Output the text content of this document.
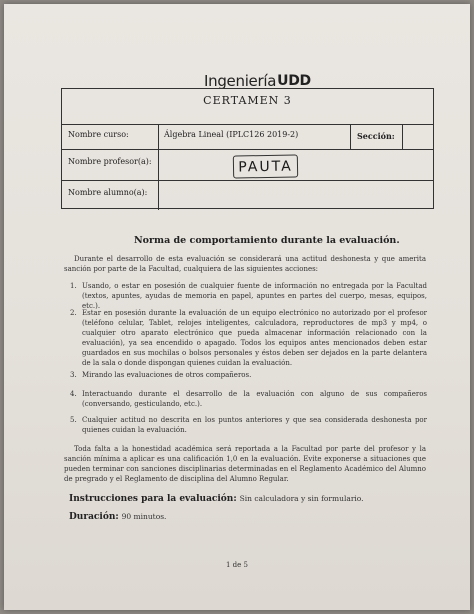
Ingeniería UDD
CERTAMEN 3
Nombre curso:	Álgebra Lineal (IPLC126 2019-2)	Sección:
Nombre profesor(a):	PAUTA
Nombre alumno(a):
Norma de comportamiento durante la evaluación.
Durante el desarrollo de esta evaluación se considerará una actitud deshonesta y que amerita sanción por parte de la Facultad, cualquiera de las siguientes acciones:
1. Usando, o estar en posesión de cualquier fuente de información no entregada por la Facultad (textos, apuntes, ayudas de memoria en papel, apuntes en partes del cuerpo, mesas, equipos, etc.).
2. Estar en posesión durante la evaluación de un equipo electrónico no autorizado por el profesor (teléfono celular, Tablet, relojes inteligentes, calculadora, reproductores de mp3 y mp4, o cualquier otro aparato electrónico que pueda almacenar información relacionado con la evaluación), ya sea encendido o apagado. Todos los equipos antes mencionados deben estar guardados en sus mochilas o bolsos personales y éstos deben ser dejados en la parte delantera de la sala o donde dispongan quienes cuidan la evaluación.
3. Mirando las evaluaciones de otros compañeros.
4. Interactuando durante el desarrollo de la evaluación con alguno de sus compañeros (conversando, gesticulando, etc.).
5. Cualquier actitud no descrita en los puntos anteriores y que sea considerada deshonesta por quienes cuidan la evaluación.
Toda falta a la honestidad académica será reportada a la Facultad por parte del profesor y la sanción mínima a aplicar es una calificación 1,0 en la evaluación. Evite exponerse a situaciones que pueden terminar con sanciones disciplinarias determinadas en el Reglamento Académico del Alumno de pregrado y el Reglamento de disciplina del Alumno Regular.
Instrucciones para la evaluación: Sin calculadora y sin formulario.
Duración: 90 minutos.
1 de 5
